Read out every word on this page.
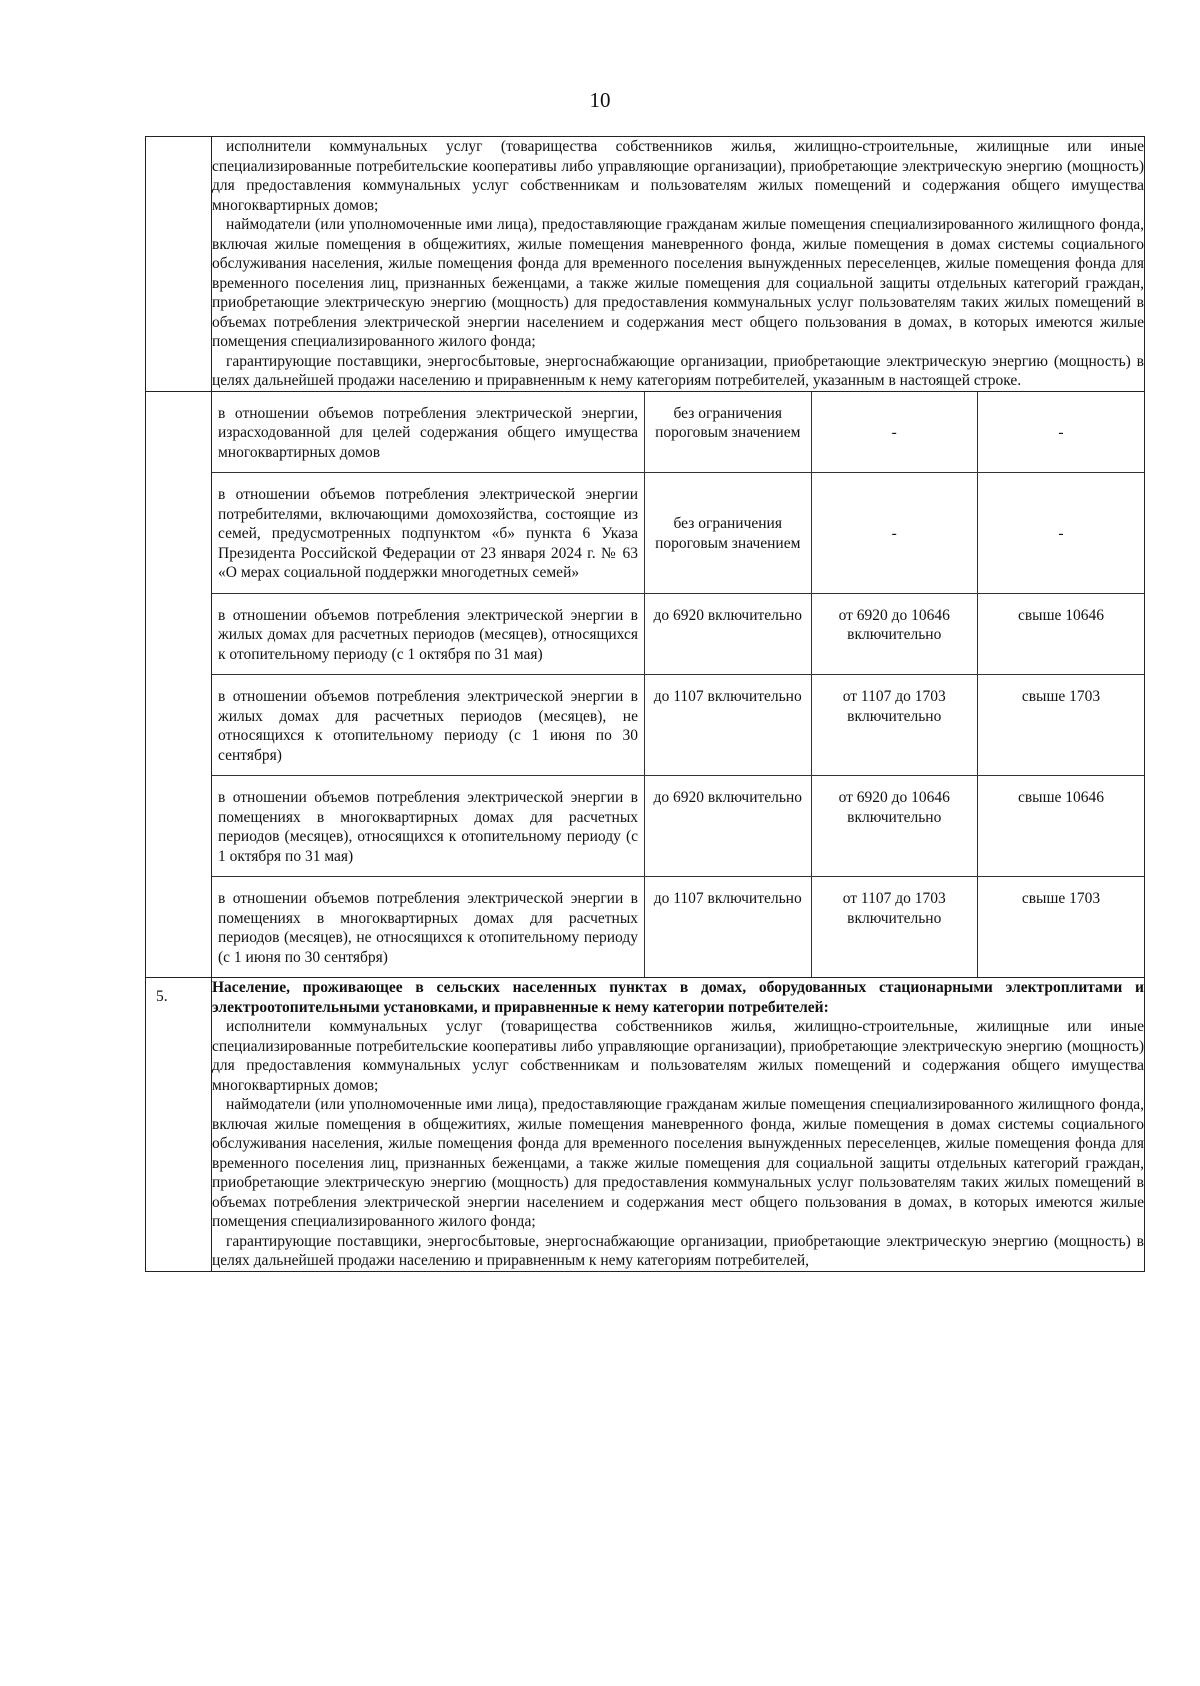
10

исполнители коммунальных услуг (товарищества собственников жилья, жилищно-строительные, жилищные или иные специализированные потребительские кооперативы либо управляющие организации), приобретающие электрическую энергию (мощность) для предоставления коммунальных услуг собственникам и пользователям жилых помещений и содержания общего имущества многоквартирных домов;

наймодатели (или уполномоченные ими лица), предоставляющие гражданам жилые помещения специализированного жилищного фонда, включая жилые помещения в общежитиях, жилые помещения маневренного фонда, жилые помещения в домах системы социального обслуживания населения, жилые помещения фонда для временного поселения вынужденных переселенцев, жилые помещения фонда для временного поселения лиц, признанных беженцами, а также жилые помещения для социальной защиты отдельных категорий граждан, приобретающие электрическую энергию (мощность) для предоставления коммунальных услуг пользователям таких жилых помещений в объемах потребления электрической энергии населением и содержания мест общего пользования в домах, в которых имеются жилые помещения специализированного жилого фонда;

гарантирующие поставщики, энергосбытовые, энергоснабжающие организации, приобретающие электрическую энергию (мощность) в целях дальнейшей продажи населению и приравненным к нему категориям потребителей, указанным в настоящей строке.

в отношении объемов потребления электрической энергии, израсходованной для целей содержания общего имущества многоквартирных домов	без ограничения пороговым значением	-	-
в отношении объемов потребления электрической энергии потребителями, включающими домохозяйства, состоящие из семей, предусмотренных подпунктом «б» пункта 6 Указа Президента Российской Федерации от 23 января 2024 г. № 63 «О мерах социальной поддержки многодетных семей»	без ограничения пороговым значением	-	-
в отношении объемов потребления электрической энергии в жилых домах для расчетных периодов (месяцев), относящихся к отопительному периоду (с 1 октября по 31 мая)	до 6920 включительно	от 6920 до 10646 включительно	свыше 10646
в отношении объемов потребления электрической энергии в жилых домах для расчетных периодов (месяцев), не относящихся к отопительному периоду (с 1 июня по 30 сентября)	до 1107 включительно	от 1107 до 1703 включительно	свыше 1703
в отношении объемов потребления электрической энергии в помещениях в многоквартирных домах для расчетных периодов (месяцев), относящихся к отопительному периоду (с 1 октября по 31 мая)	до 6920 включительно	от 6920 до 10646 включительно	свыше 10646
в отношении объемов потребления электрической энергии в помещениях в многоквартирных домах для расчетных периодов (месяцев), не относящихся к отопительному периоду (с 1 июня по 30 сентября)	до 1107 включительно	от 1107 до 1703 включительно	свыше 1703

5.	

Население, проживающее в сельских населенных пунктах в домах, оборудованных стационарными электроплитами и электроотопительными установками, и приравненные к нему категории потребителей:

исполнители коммунальных услуг (товарищества собственников жилья, жилищно-строительные, жилищные или иные специализированные потребительские кооперативы либо управляющие организации), приобретающие электрическую энергию (мощность) для предоставления коммунальных услуг собственникам и пользователям жилых помещений и содержания общего имущества многоквартирных домов;

наймодатели (или уполномоченные ими лица), предоставляющие гражданам жилые помещения специализированного жилищного фонда, включая жилые помещения в общежитиях, жилые помещения маневренного фонда, жилые помещения в домах системы социального обслуживания населения, жилые помещения фонда для временного поселения вынужденных переселенцев, жилые помещения фонда для временного поселения лиц, признанных беженцами, а также жилые помещения для социальной защиты отдельных категорий граждан, приобретающие электрическую энергию (мощность) для предоставления коммунальных услуг пользователям таких жилых помещений в объемах потребления электрической энергии населением и содержания мест общего пользования в домах, в которых имеются жилые помещения специализированного жилого фонда;

гарантирующие поставщики, энергосбытовые, энергоснабжающие организации, приобретающие электрическую энергию (мощность) в целях дальнейшей продажи населению и приравненным к нему категориям потребителей,
